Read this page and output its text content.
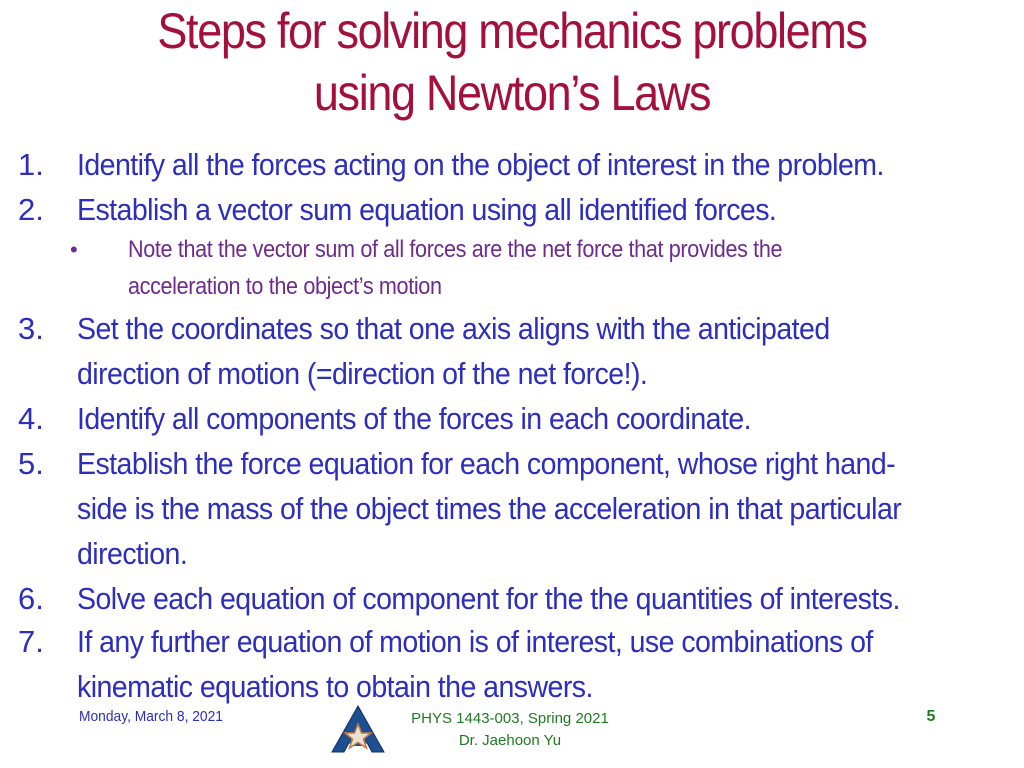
Steps for solving mechanics problems
using Newton’s Laws
1. Identify all the forces acting on the object of interest in the problem.
2. Establish a vector sum equation using all identified forces.
• Note that the vector sum of all forces are the net force that provides the
acceleration to the object’s motion
3. Set the coordinates so that one axis aligns with the anticipated
direction of motion (=direction of the net force!).
4. Identify all components of the forces in each coordinate.
5. Establish the force equation for each component, whose right hand-
side is the mass of the object times the acceleration in that particular
direction.
6. Solve each equation of component for the the quantities of interests.
7. If any further equation of motion is of interest, use combinations of
kinematic equations to obtain the answers.
Monday, March 8, 2021	PHYS 1443-003, Spring 2021
Dr. Jaehoon Yu
5
